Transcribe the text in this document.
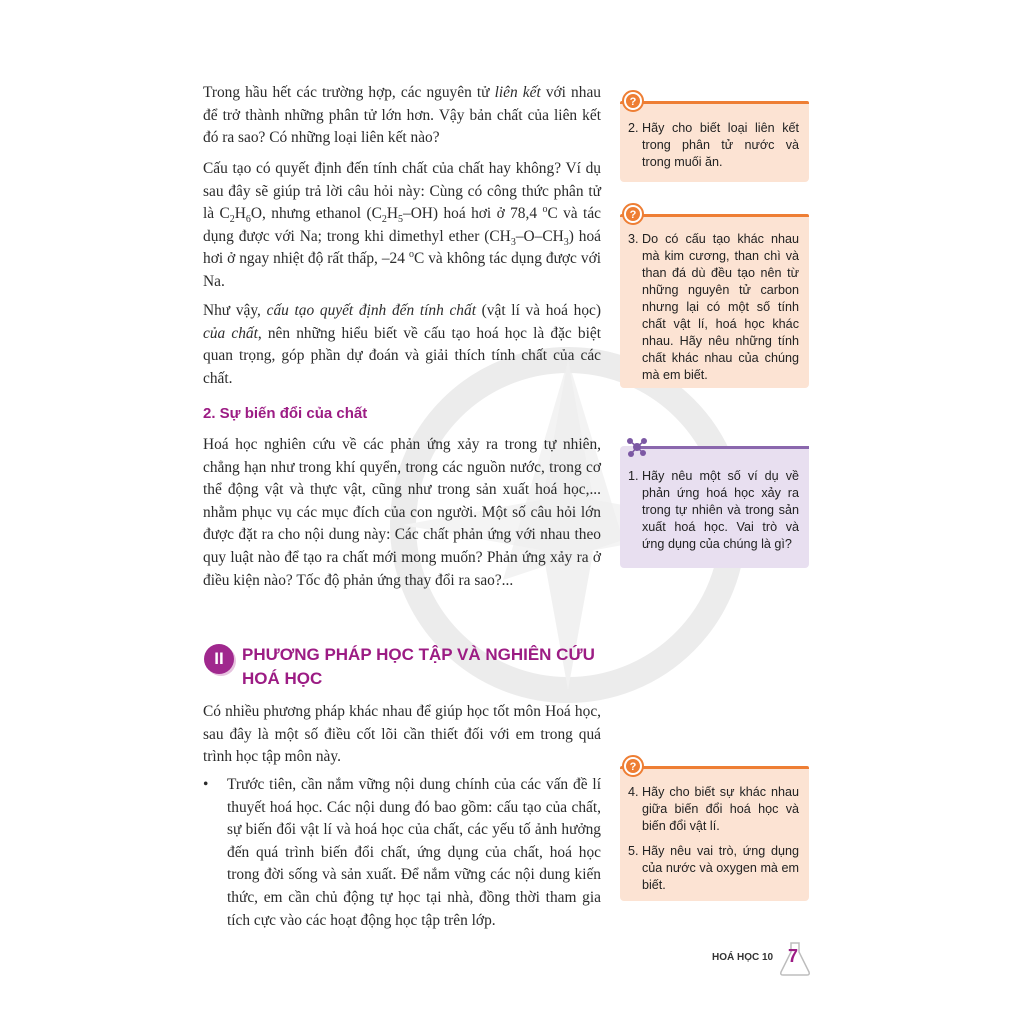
Trong hầu hết các trường hợp, các nguyên tử liên kết với nhau để trở thành những phân tử lớn hơn. Vậy bản chất của liên kết đó ra sao? Có những loại liên kết nào?

Cấu tạo có quyết định đến tính chất của chất hay không? Ví dụ sau đây sẽ giúp trả lời câu hỏi này: Cùng có công thức phân tử là $C_2H_6O$, nhưng ethanol $(C_2H_5-OH)$ hoá hơi ở 78,4 $^o$C và tác dụng được với Na; trong khi dimethyl ether $(CH_3-O-CH_3)$ hoá hơi ở ngay nhiệt độ rất thấp, –24 $^o$C và không tác dụng được với Na.

Như vậy, cấu tạo quyết định đến tính chất (vật lí và hoá học) của chất, nên những hiểu biết về cấu tạo hoá học là đặc biệt quan trọng, góp phần dự đoán và giải thích tính chất của các chất.

2. Sự biến đổi của chất

Hoá học nghiên cứu về các phản ứng xảy ra trong tự nhiên, chẳng hạn như trong khí quyển, trong các nguồn nước, trong cơ thể động vật và thực vật, cũng như trong sản xuất hoá học,... nhằm phục vụ các mục đích của con người. Một số câu hỏi lớn được đặt ra cho nội dung này: Các chất phản ứng với nhau theo quy luật nào để tạo ra chất mới mong muốn? Phản ứng xảy ra ở điều kiện nào? Tốc độ phản ứng thay đổi ra sao?...

II	PHƯƠNG PHÁP HỌC TẬP VÀ NGHIÊN CỨU
HOÁ HỌC

Có nhiều phương pháp khác nhau để giúp học tốt môn Hoá học, sau đây là một số điều cốt lõi cần thiết đối với em trong quá trình học tập môn này.

•	Trước tiên, cần nắm vững nội dung chính của các vấn đề lí thuyết hoá học. Các nội dung đó bao gồm: cấu tạo của chất, sự biến đổi vật lí và hoá học của chất, các yếu tố ảnh hưởng đến quá trình biến đổi chất, ứng dụng của chất, hoá học trong đời sống và sản xuất. Để nắm vững các nội dung kiến thức, em cần chủ động tự học tại nhà, đồng thời tham gia tích cực vào các hoạt động học tập trên lớp.
?
2. Hãy cho biết loại liên kết trong phân tử nước và trong muối ăn.
?
3. Do có cấu tạo khác nhau mà kim cương, than chì và than đá dù đều tạo nên từ những nguyên tử carbon nhưng lại có một số tính chất vật lí, hoá học khác nhau. Hãy nêu những tính chất khác nhau của chúng mà em biết.
1. Hãy nêu một số ví dụ về phản ứng hoá học xảy ra trong tự nhiên và trong sản xuất hoá học. Vai trò và ứng dụng của chúng là gì?
?
4. Hãy cho biết sự khác nhau giữa biến đổi hoá học và biến đổi vật lí.
5. Hãy nêu vai trò, ứng dụng của nước và oxygen mà em biết.
HOÁ HỌC 10 7
